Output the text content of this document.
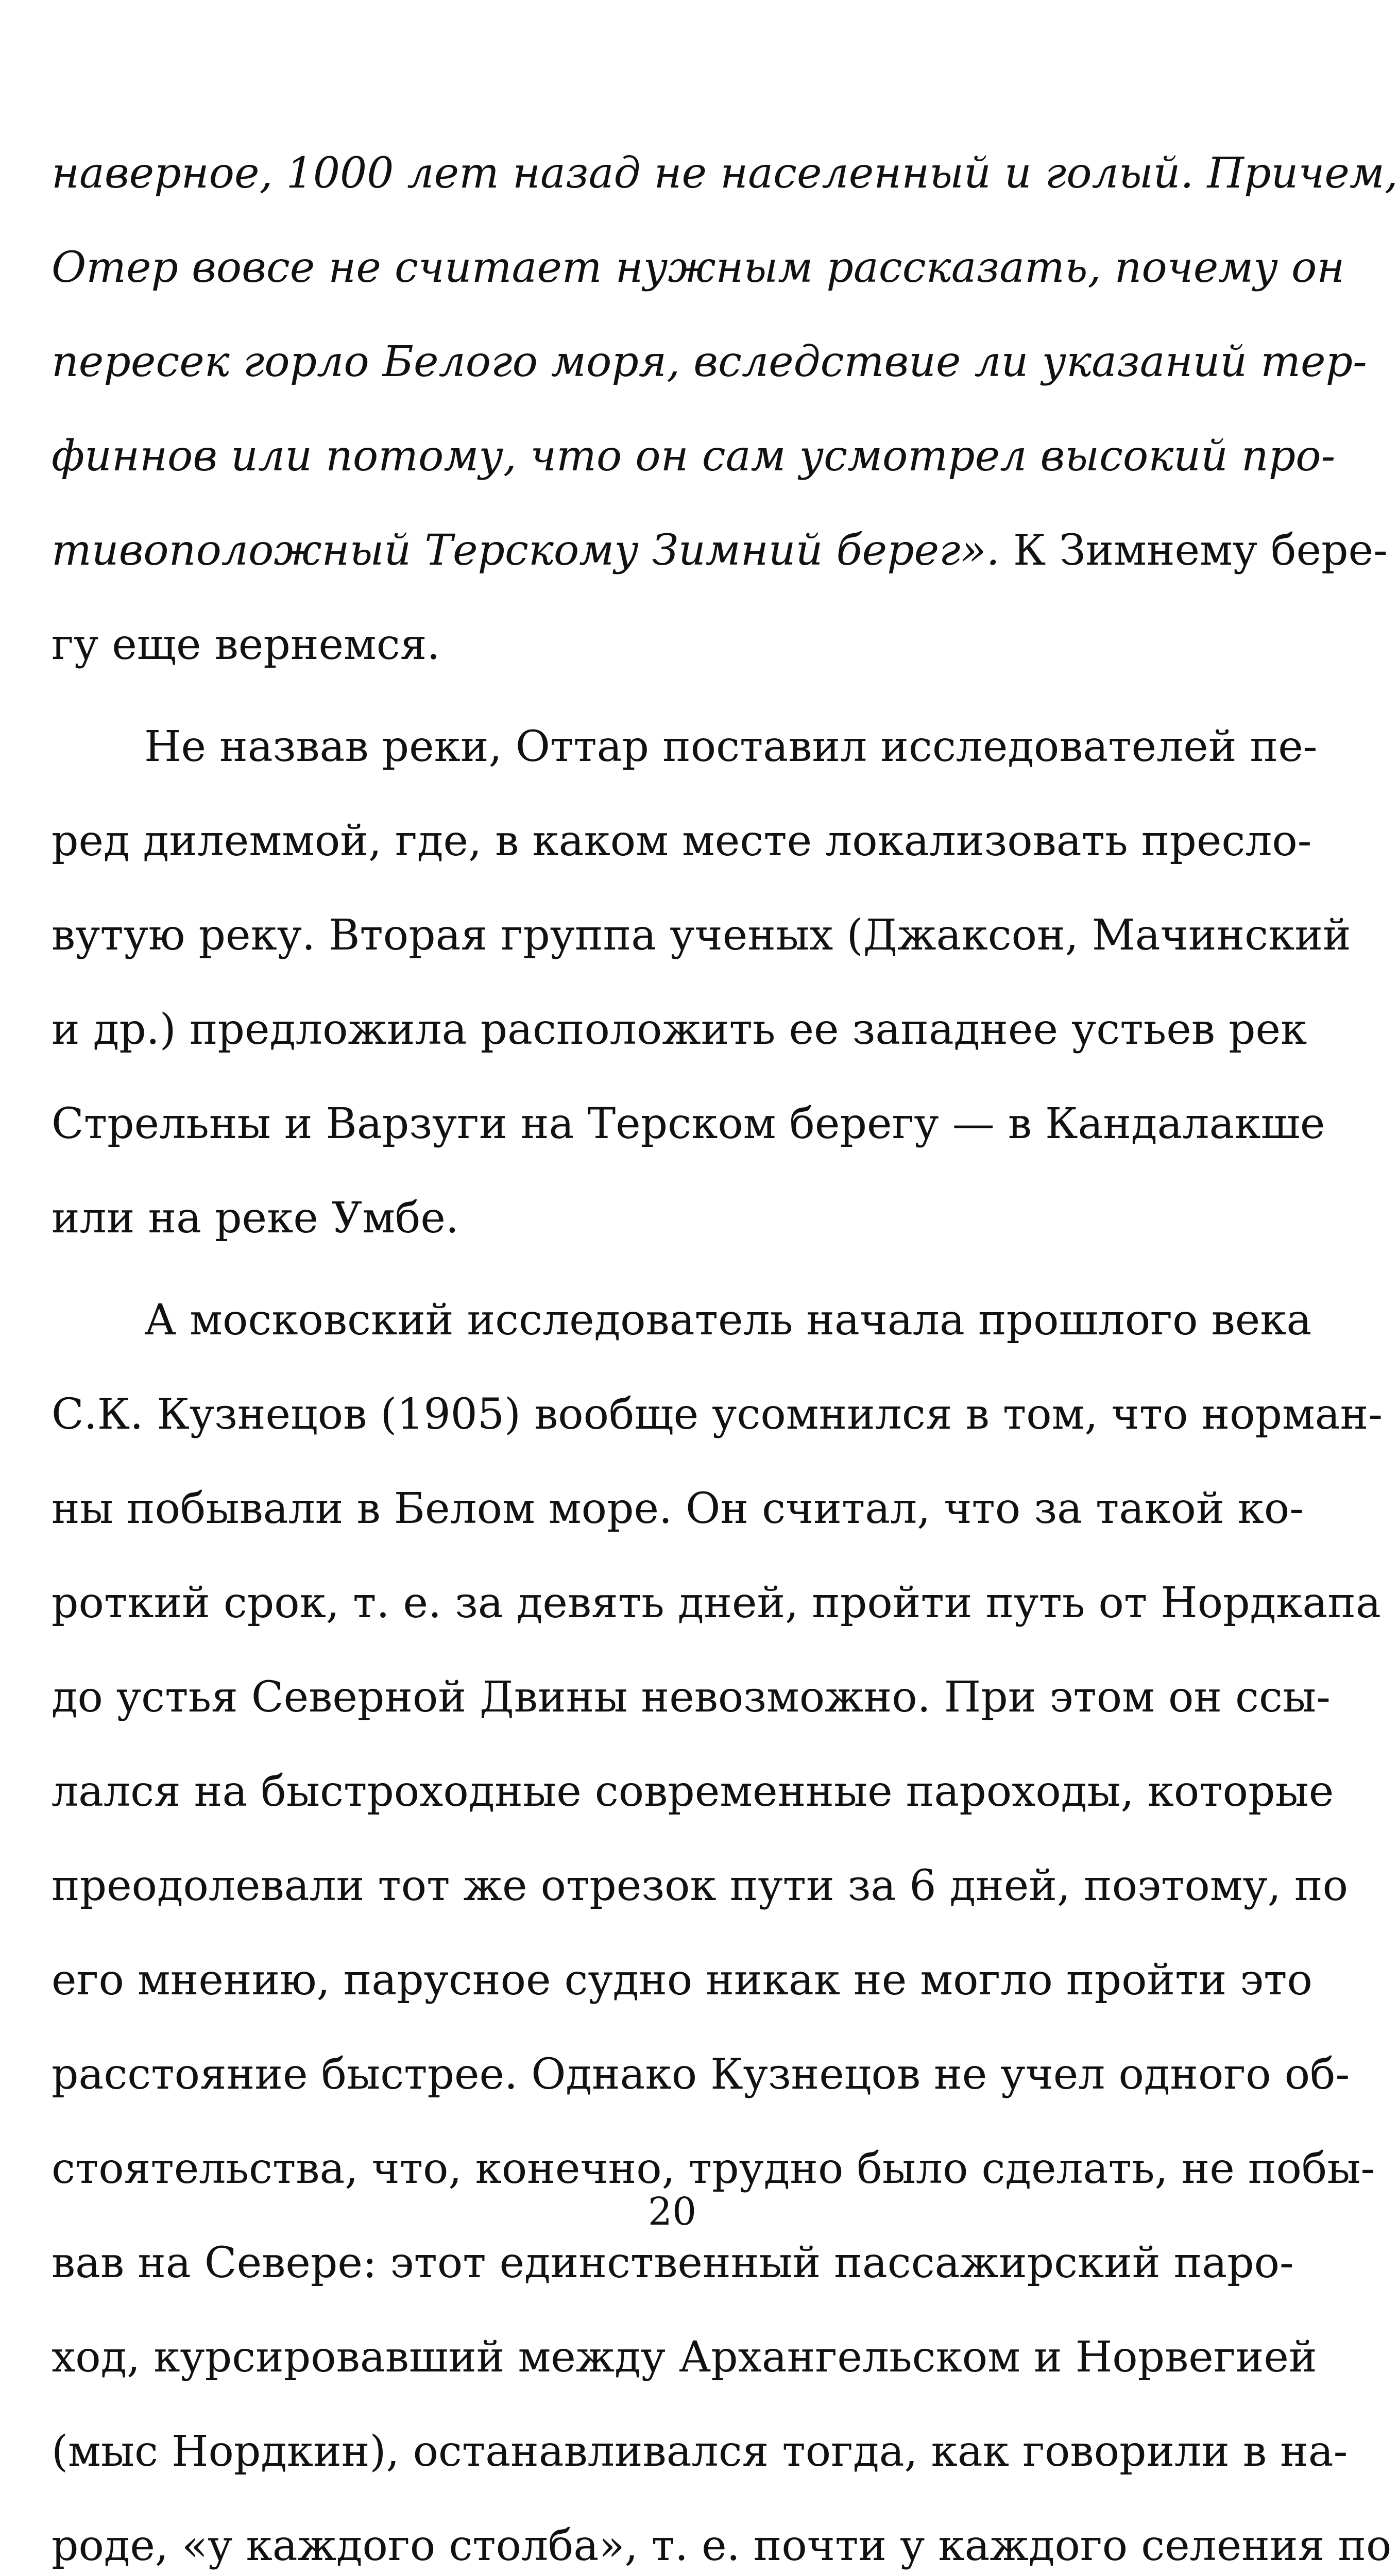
наверное, 1000 лет назад не населенный и голый. Причем,
Отер вовсе не считает нужным рассказать, почему он
пересек горло Белого моря, вследствие ли указаний тер-
финнов или потому, что он сам усмотрел высокий про-
тивоположный Терскому Зимний берег». К Зимнему бере-
гу еще вернемся.
Не назвав реки, Оттар поставил исследователей пе-
ред дилеммой, где, в каком месте локализовать пресло-
вутую реку. Вторая группа ученых (Джаксон, Мачинский
и др.) предложила расположить ее западнее устьев рек
Стрельны и Варзуги на Терском берегу — в Кандалакше
или на реке Умбе.
А московский исследователь начала прошлого века
С.К. Кузнецов (1905) вообще усомнился в том, что норман-
ны побывали в Белом море. Он считал, что за такой ко-
роткий срок, т. е. за девять дней, пройти путь от Нордкапа
до устья Северной Двины невозможно. При этом он ссы-
лался на быстроходные современные пароходы, которые
преодолевали тот же отрезок пути за 6 дней, поэтому, по
его мнению, парусное судно никак не могло пройти это
расстояние быстрее. Однако Кузнецов не учел одного об-
стоятельства, что, конечно, трудно было сделать, не побы-
вав на Севере: этот единственный пассажирский паро-
ход, курсировавший между Архангельском и Норвегией
(мыс Нордкин), останавливался тогда, как говорили в на-
роде, «у каждого столба», т. е. почти у каждого селения по
20
